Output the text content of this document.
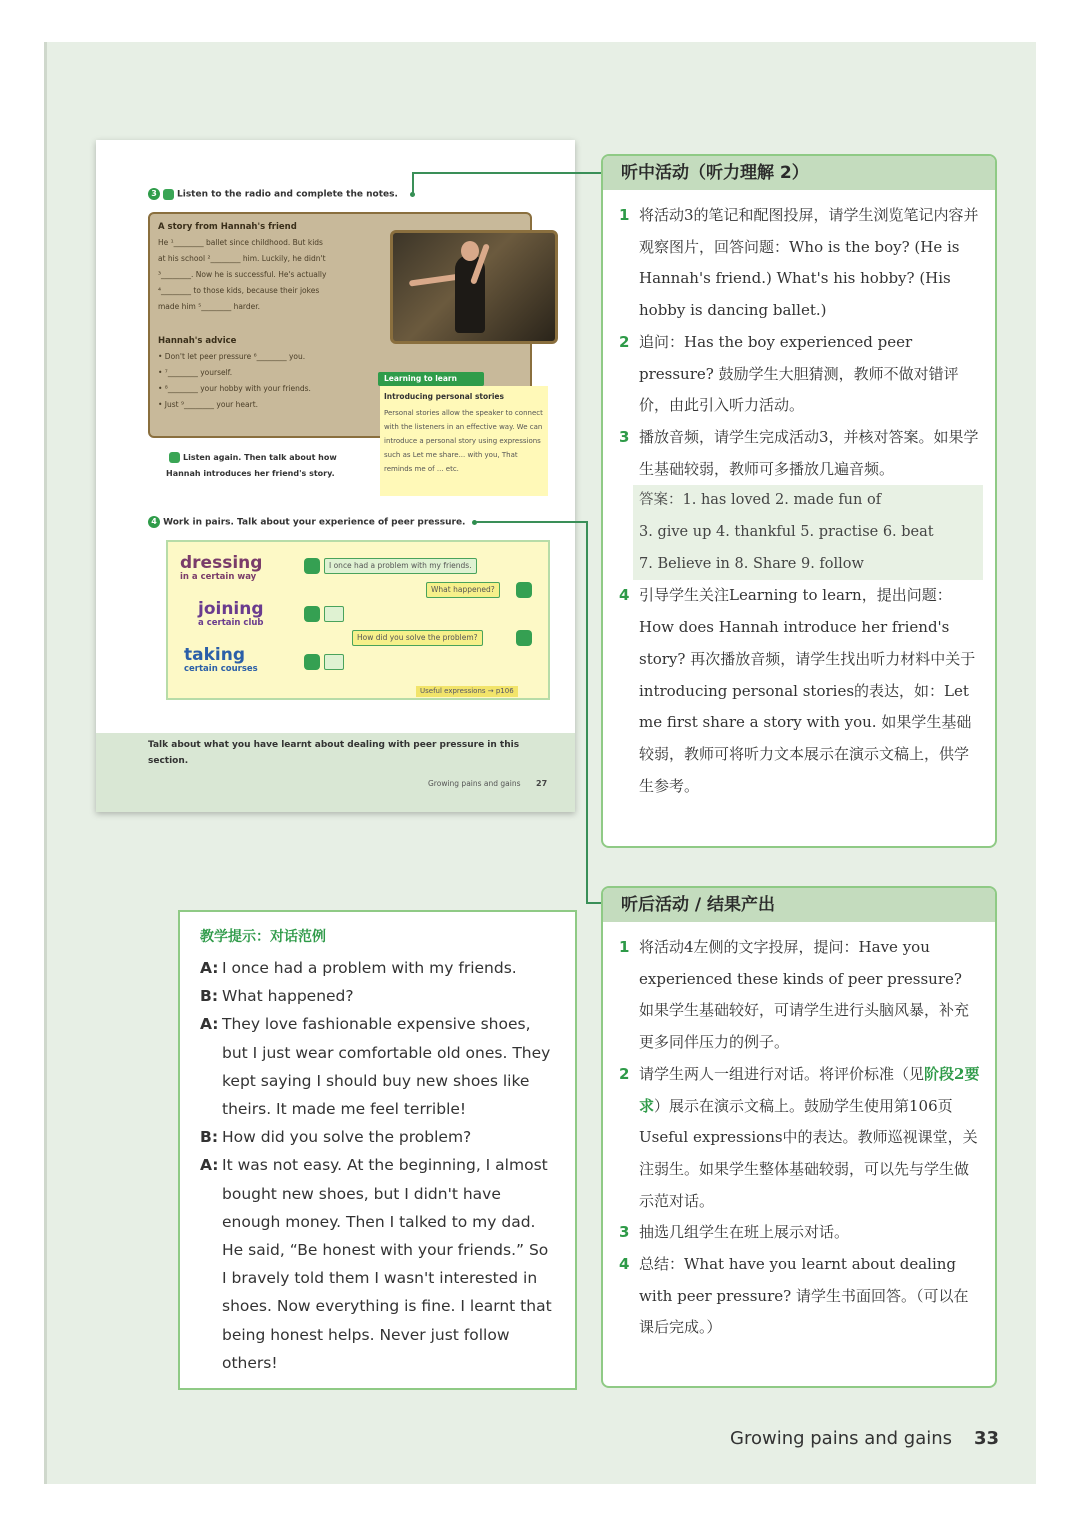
3 Listen to the radio and complete the notes.
A story from Hannah's friend
He ¹________ ballet since childhood. But kids
at his school ²________ him. Luckily, he didn't
³________. Now he is successful. He's actually
⁴________ to those kids, because their jokes
made him ⁵________ harder.
Hannah's advice
• Don't let peer pressure ⁶________ you.
• ⁷________ yourself.
• ⁸________ your hobby with your friends.
• Just ⁹________ your heart.
Learning to learn
Introducing personal stories
Personal stories allow the speaker to connect with the listeners in an effective way. We can introduce a personal story using expressions such as Let me share... with you, That reminds me of ... etc.
Listen again. Then talk about how Hannah introduces her friend's story.
4 Work in pairs. Talk about your experience of peer pressure.
dressing
in a certain way
joining
a certain club
taking
certain courses
I once had a problem with my friends.
What happened?
How did you solve the problem?
Useful expressions → p106
Talk about what you have learnt about dealing with peer pressure in this section.
Growing pains and gains 27
听中活动（听力理解 2）
1 将活动3的笔记和配图投屏，请学生浏览笔记内容并观察图片，回答问题：Who is the boy? (He is Hannah's friend.) What's his hobby? (His hobby is dancing ballet.)
2 追问：Has the boy experienced peer pressure? 鼓励学生大胆猜测，教师不做对错评价，由此引入听力活动。
3 播放音频，请学生完成活动3，并核对答案。如果学生基础较弱，教师可多播放几遍音频。
答案：1. has loved 2. made fun of
3. give up 4. thankful 5. practise 6. beat
7. Believe in 8. Share 9. follow
4 引导学生关注Learning to learn，提出问题：How does Hannah introduce her friend's story? 再次播放音频，请学生找出听力材料中关于introducing personal stories的表达，如：Let me first share a story with you. 如果学生基础较弱，教师可将听力文本展示在演示文稿上，供学生参考。
听后活动 / 结果产出
1 将活动4左侧的文字投屏，提问：Have you experienced these kinds of peer pressure? 如果学生基础较好，可请学生进行头脑风暴，补充更多同伴压力的例子。
2 请学生两人一组进行对话。将评价标准（见阶段2要求）展示在演示文稿上。鼓励学生使用第106页Useful expressions中的表达。教师巡视课堂，关注弱生。如果学生整体基础较弱，可以先与学生做示范对话。
3 抽选几组学生在班上展示对话。
4 总结：What have you learnt about dealing with peer pressure? 请学生书面回答。（可以在课后完成。）
教学提示：对话范例
A: I once had a problem with my friends.
B: What happened?
A: They love fashionable expensive shoes, but I just wear comfortable old ones. They kept saying I should buy new shoes like theirs. It made me feel terrible!
B: How did you solve the problem?
A: It was not easy. At the beginning, I almost bought new shoes, but I didn't have enough money. Then I talked to my dad. He said, “Be honest with your friends.” So I bravely told them I wasn't interested in shoes. Now everything is fine. I learnt that being honest helps. Never just follow others!
Growing pains and gains 33
